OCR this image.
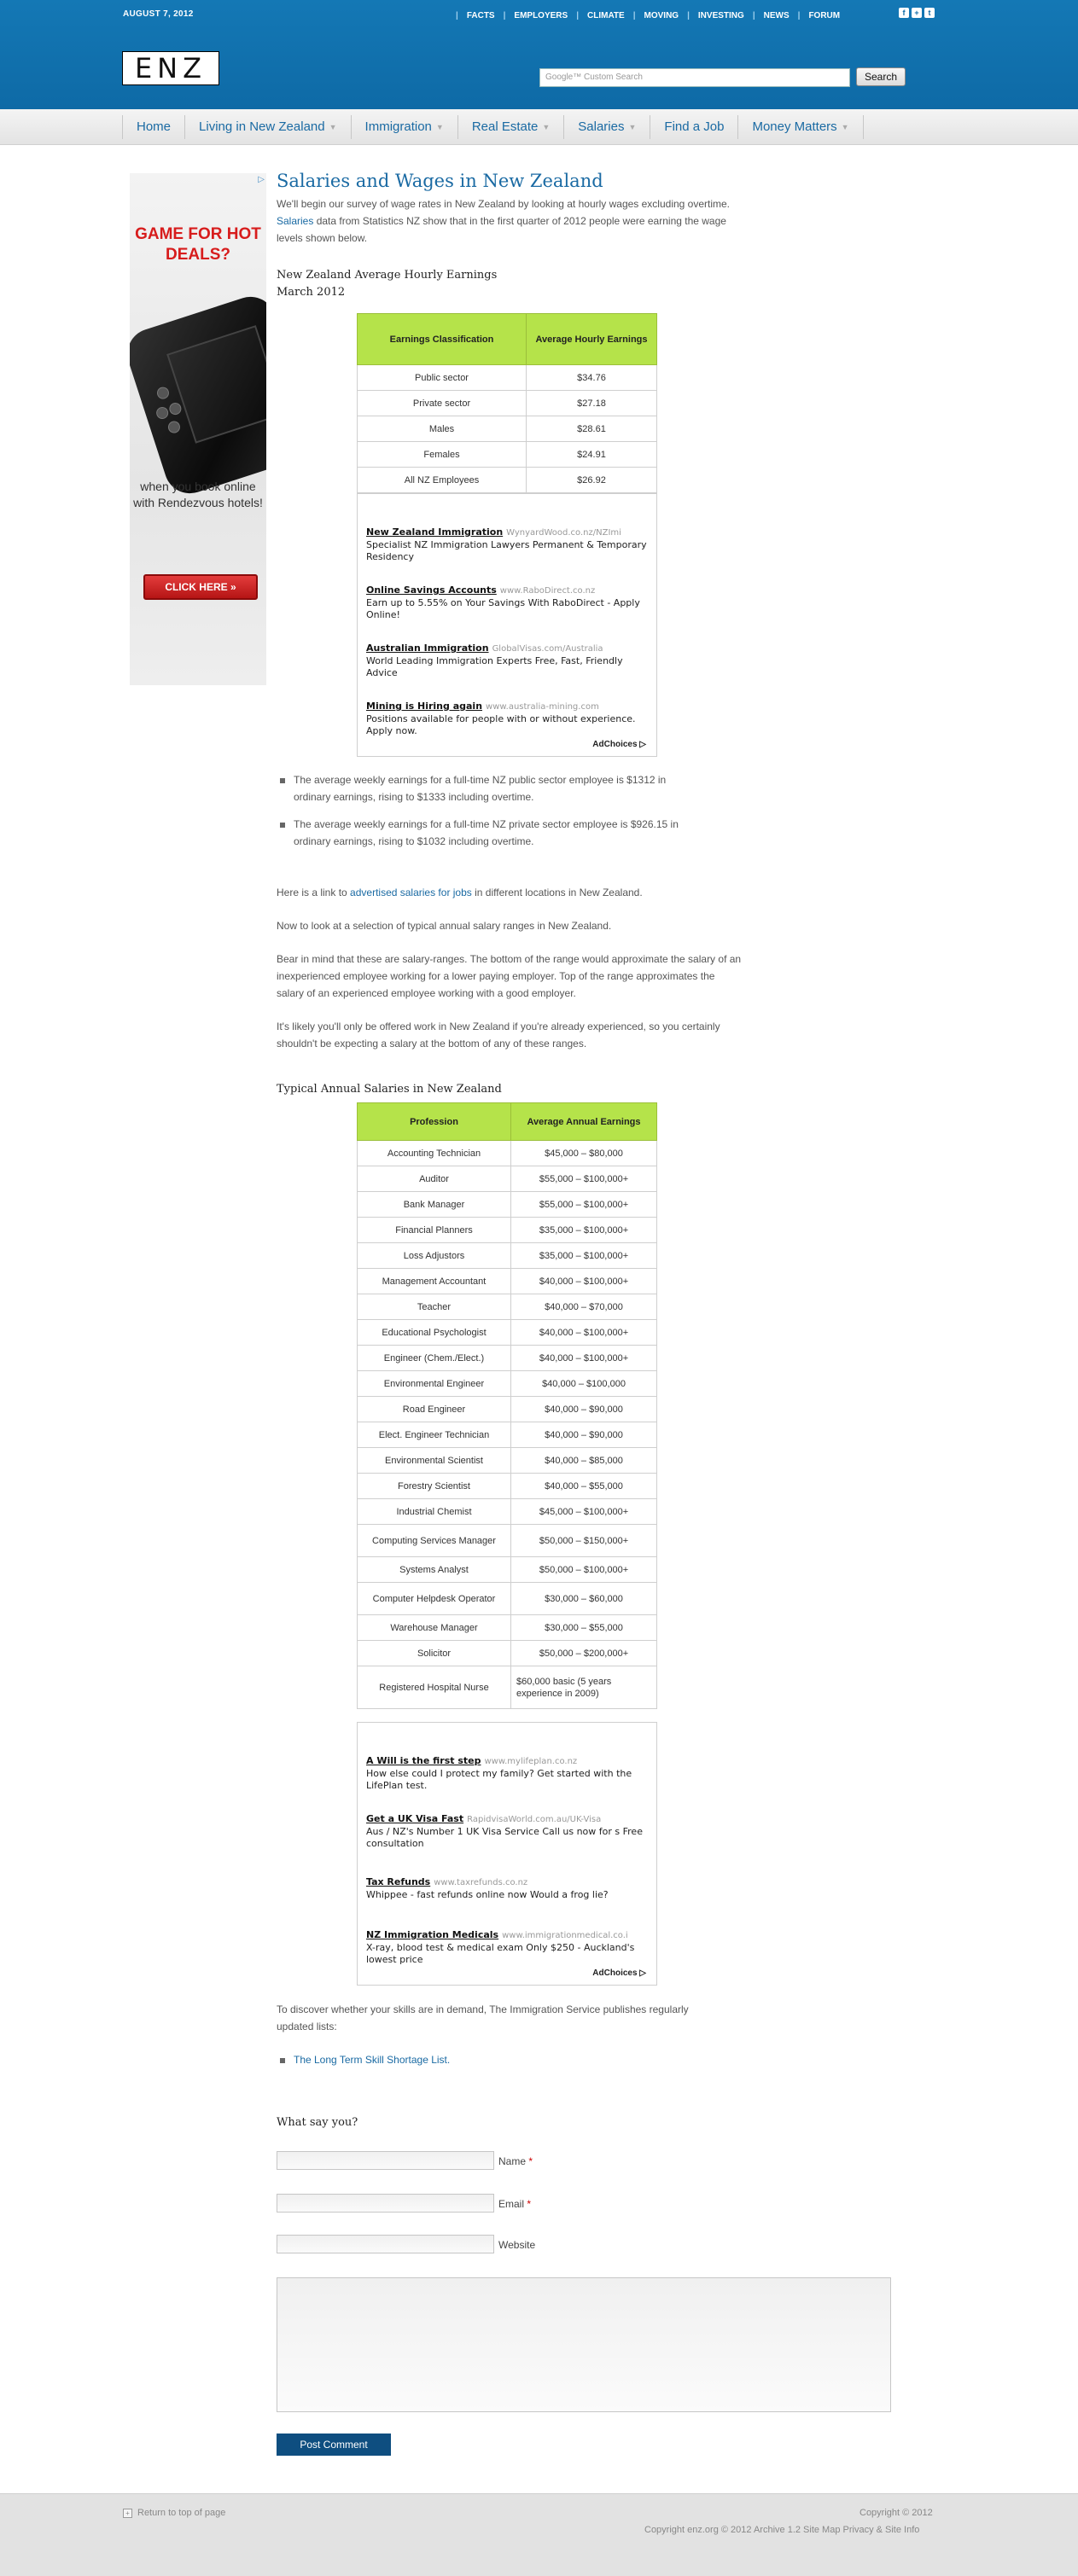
AUGUST 7, 2012	| FACTS | EMPLOYERS | CLIMATE | MOVING | INVESTING | NEWS | FORUM	f	+	t
ENZ	Google™ Custom Search	Search
Home Living in New Zealand ▼ Immigration ▼ Real Estate ▼ Salaries ▼ Find a Job Money Matters ▼
▷
GAME FOR HOT DEALS?
when you book online with Rendezvous hotels!
CLICK HERE »
Salaries and Wages in New Zealand

We'll begin our survey of wage rates in New Zealand by looking at hourly wages excluding overtime. Salaries data from Statistics NZ show that in the first quarter of 2012 people were earning the wage levels shown below.

New Zealand Average Hourly Earnings
March 2012
Earnings Classification	Average Hourly Earnings
Public sector	$34.76
Private sector	$27.18
Males	$28.61
Females	$24.91
All NZ Employees	$26.92
New Zealand Immigration WynyardWood.co.nz/NZImi
Specialist NZ Immigration Lawyers Permanent & Temporary Residency
Online Savings Accounts www.RaboDirect.co.nz
Earn up to 5.55% on Your Savings With RaboDirect - Apply Online!
Australian Immigration GlobalVisas.com/Australia
World Leading Immigration Experts Free, Fast, Friendly Advice
Mining is Hiring again www.australia-mining.com
Positions available for people with or without experience. Apply now.
AdChoices ▷
The average weekly earnings for a full-time NZ public sector employee is $1312 in ordinary earnings, rising to $1333 including overtime.
The average weekly earnings for a full-time NZ private sector employee is $926.15 in ordinary earnings, rising to $1032 including overtime.

Here is a link to advertised salaries for jobs in different locations in New Zealand.

Now to look at a selection of typical annual salary ranges in New Zealand.

Bear in mind that these are salary-ranges. The bottom of the range would approximate the salary of an inexperienced employee working for a lower paying employer. Top of the range approximates the salary of an experienced employee working with a good employer.

It's likely you'll only be offered work in New Zealand if you're already experienced, so you certainly shouldn't be expecting a salary at the bottom of any of these ranges.

Typical Annual Salaries in New Zealand
Profession	Average Annual Earnings
Accounting Technician	$45,000 – $80,000
Auditor	$55,000 – $100,000+
Bank Manager	$55,000 – $100,000+
Financial Planners	$35,000 – $100,000+
Loss Adjustors	$35,000 – $100,000+
Management Accountant	$40,000 – $100,000+
Teacher	$40,000 – $70,000
Educational Psychologist	$40,000 – $100,000+
Engineer (Chem./Elect.)	$40,000 – $100,000+
Environmental Engineer	$40,000 – $100,000
Road Engineer	$40,000 – $90,000
Elect. Engineer Technician	$40,000 – $90,000
Environmental Scientist	$40,000 – $85,000
Forestry Scientist	$40,000 – $55,000
Industrial Chemist	$45,000 – $100,000+
Computing Services Manager	$50,000 – $150,000+
Systems Analyst	$50,000 – $100,000+
Computer Helpdesk Operator	$30,000 – $60,000
Warehouse Manager	$30,000 – $55,000
Solicitor	$50,000 – $200,000+
Registered Hospital Nurse	$60,000 basic (5 years experience in 2009)
A Will is the first step www.mylifeplan.co.nz
How else could I protect my family? Get started with the LifePlan test.
Get a UK Visa Fast RapidvisaWorld.com.au/UK-Visa
Aus / NZ's Number 1 UK Visa Service Call us now for s Free consultation
Tax Refunds www.taxrefunds.co.nz
Whippee - fast refunds online now Would a frog lie?
NZ Immigration Medicals www.immigrationmedical.co.i
X-ray, blood test & medical exam Only $250 - Auckland's lowest price
AdChoices ▷

To discover whether your skills are in demand, The Immigration Service publishes regularly updated lists:

The Long Term Skill Shortage List.
What say you?
Name *
Email *
Website
Post Comment
+ Return to top of page	Copyright © 2012
Copyright enz.org © 2012 Archive 1.2 Site Map Privacy & Site Info
